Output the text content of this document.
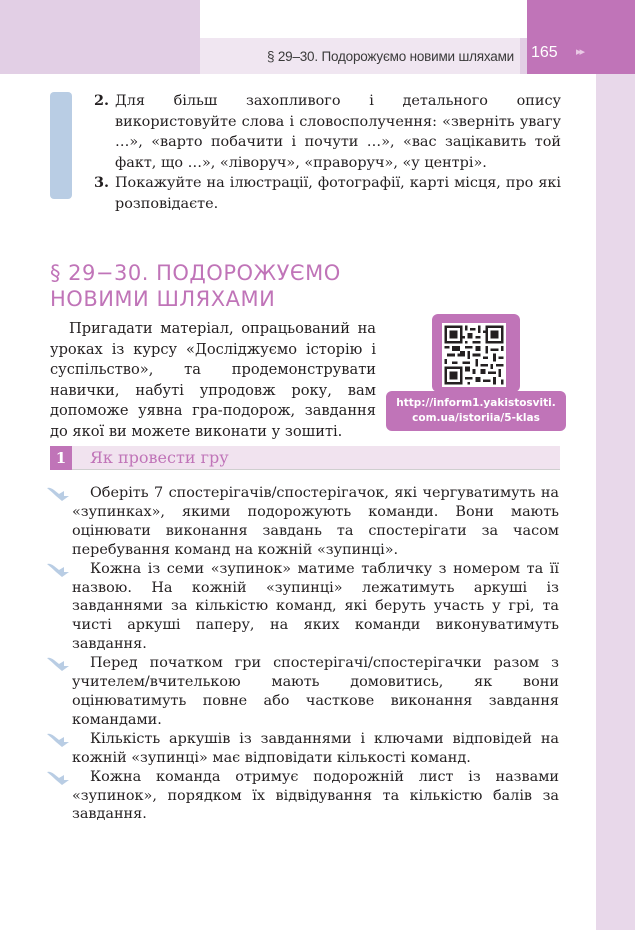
§ 29–30. Подорожуємо новими шляхами	165 ▸▸
2. Для більш захопливого і детального опису використовуйте слова і словосполучення: «зверніть увагу …», «варто побачити і почути …», «вас зацікавить той факт, що …», «ліворуч», «праворуч», «у центрі».
3. Покажуйте на ілюстрації, фотографії, карті місця, про які розповідаєте.
§ 29−30. ПОДОРОЖУЄМО
НОВИМИ ШЛЯХАМИ

Пригадати матеріал, опрацьований на уроках із курсу «Досліджуємо історію і суспільство», та продемонструвати навички, набуті упродовж року, вам допоможе уявна гра-подорож, завдання до якої ви можете виконати у зошиті.

http://inform1.yakistosviti.
com.ua/istoriia/5-klas
1	Як провести гру

Оберіть 7 спостерігачів/спостерігачок, які чергуватимуть на «зупинках», якими подорожують команди. Вони мають оцінювати виконання завдань та спостерігати за часом перебування команд на кожній «зупинці».

Кожна із семи «зупинок» матиме табличку з номером та її назвою. На кожній «зупинці» лежатимуть аркуші із завданнями за кількістю команд, які беруть участь у грі, та чисті аркуші паперу, на яких команди виконуватимуть завдання.

Перед початком гри спостерігачі/спостерігачки разом з учителем/вчителькою мають домовитись, як вони оцінюватимуть повне або часткове виконання завдання командами.

Кількість аркушів із завданнями і ключами відповідей на кожній «зупинці» має відповідати кількості команд.

Кожна команда отримує подорожній лист із назвами «зупинок», порядком їх відвідування та кількістю балів за завдання.
